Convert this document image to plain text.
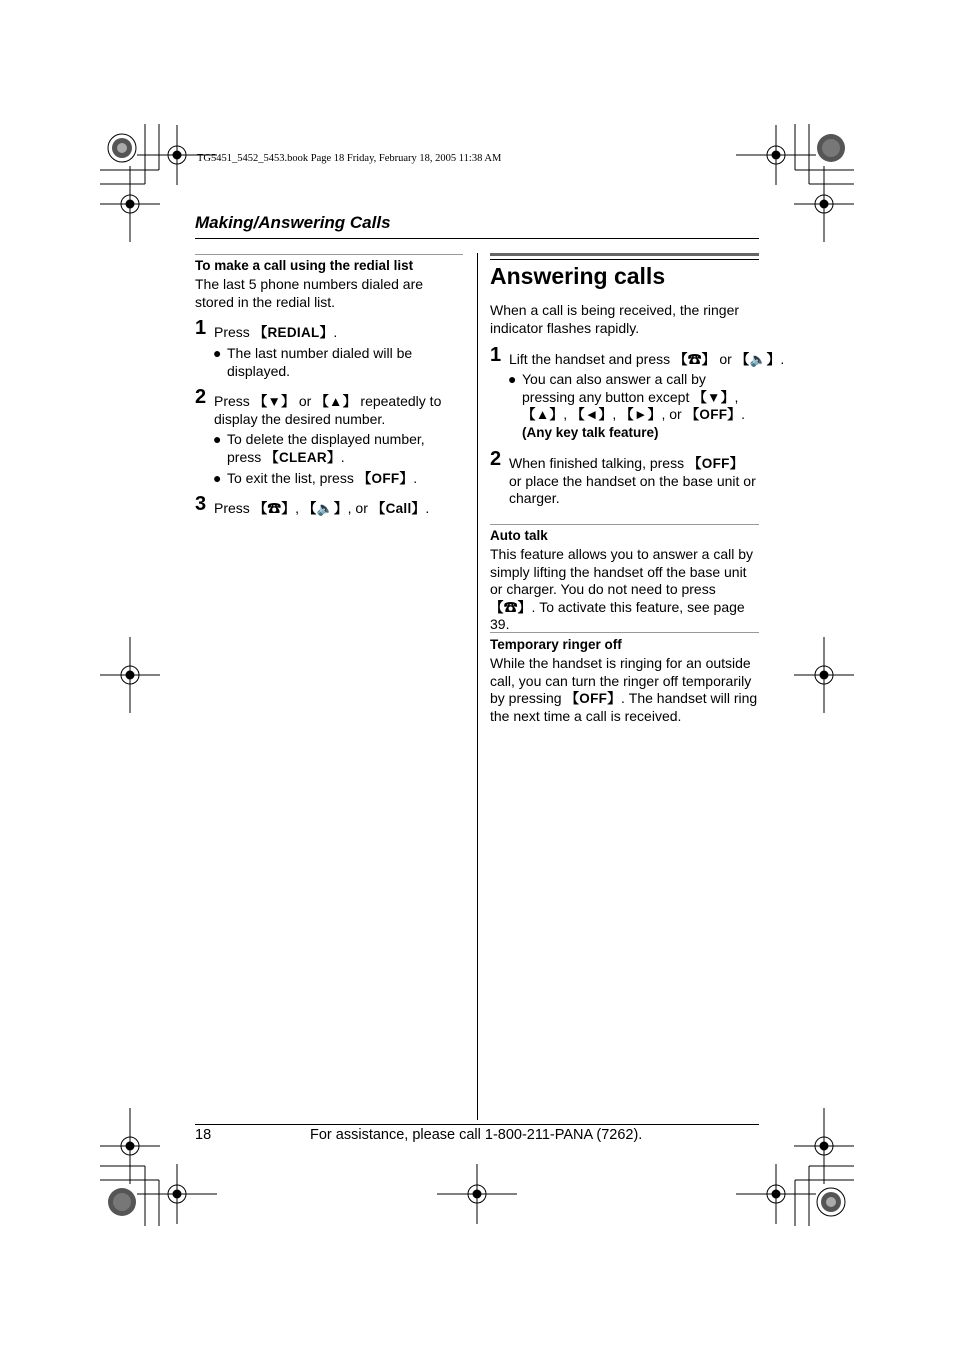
TG5451_5452_5453.book Page 18 Friday, February 18, 2005 11:38 AM
Making/Answering Calls
To make a call using the redial list
The last 5 phone numbers dialed are stored in the redial list.
1 Press 【REDIAL】.
● The last number dialed will be displayed.
2 Press 【▼】 or 【▲】 repeatedly to display the desired number.
● To delete the displayed number, press 【CLEAR】.
● To exit the list, press 【OFF】.
3 Press 【☎】, 【🔈】, or 【Call】.
Answering calls
When a call is being received, the ringer indicator flashes rapidly.
1 Lift the handset and press 【☎】 or 【🔈】.
● You can also answer a call by pressing any button except 【▼】, 【▲】, 【◄】, 【►】, or 【OFF】. (Any key talk feature)
2 When finished talking, press 【OFF】 or place the handset on the base unit or charger.
Auto talk
This feature allows you to answer a call by simply lifting the handset off the base unit or charger. You do not need to press 【☎】. To activate this feature, see page 39.
Temporary ringer off
While the handset is ringing for an outside call, you can turn the ringer off temporarily by pressing 【OFF】. The handset will ring the next time a call is received.
18	For assistance, please call 1-800-211-PANA (7262).
